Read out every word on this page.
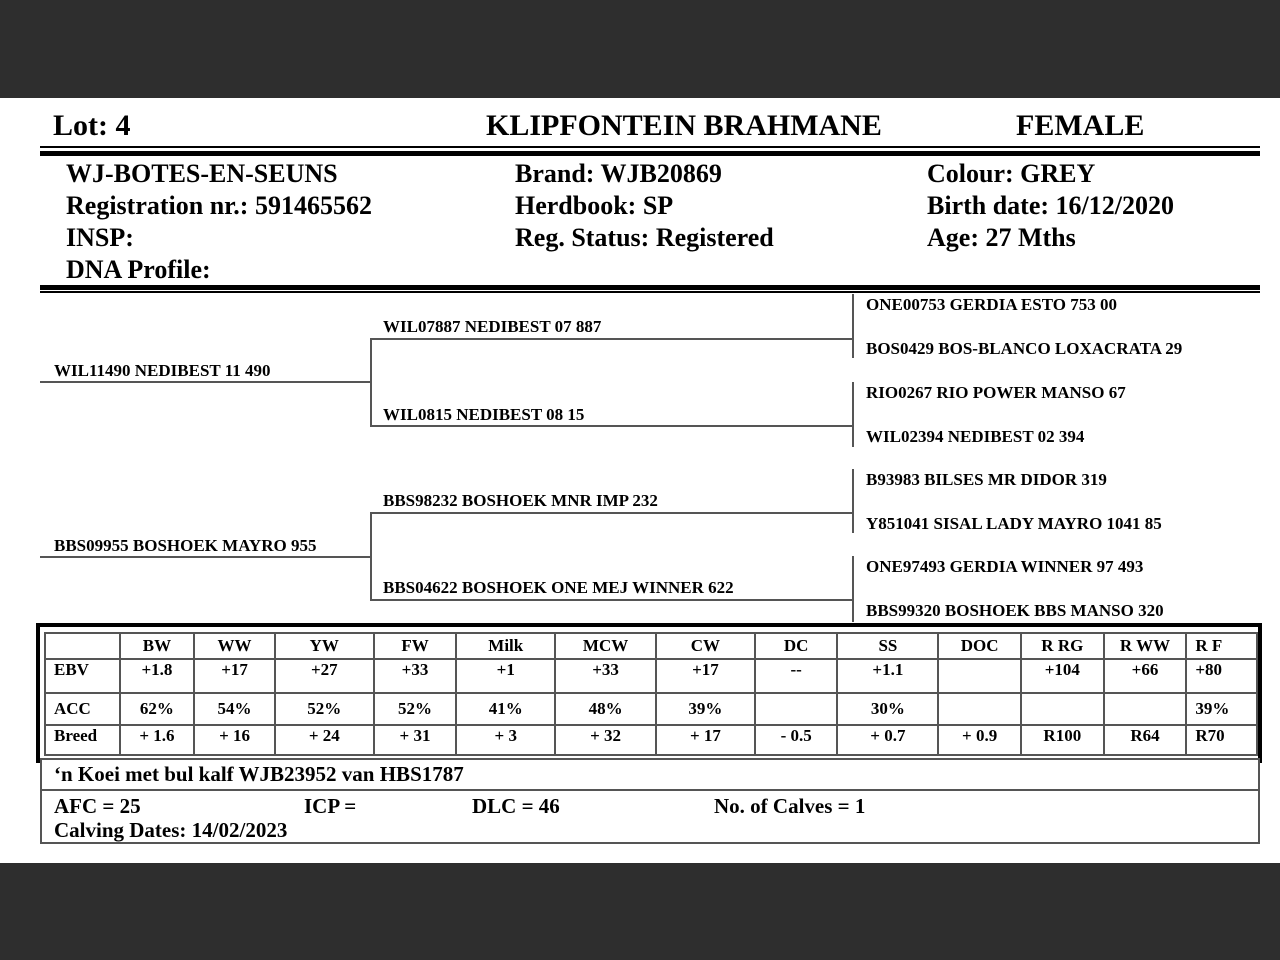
Lot: 4	KLIPFONTEIN BRAHMANE	FEMALE
WJ-BOTES-EN-SEUNS
Registration nr.: 591465562
INSP:
DNA Profile:
Brand: WJB20869
Herdbook: SP
Reg. Status: Registered
Colour: GREY
Birth date: 16/12/2020
Age: 27 Mths
WIL11490 NEDIBEST 11 490
BBS09955 BOSHOEK MAYRO 955
WIL07887 NEDIBEST 07 887
WIL0815 NEDIBEST 08 15
BBS98232 BOSHOEK MNR IMP 232
BBS04622 BOSHOEK ONE MEJ WINNER 622
ONE00753 GERDIA ESTO 753 00
BOS0429 BOS-BLANCO LOXACRATA 29
RIO0267 RIO POWER MANSO 67
WIL02394 NEDIBEST 02 394
B93983 BILSES MR DIDOR 319
Y851041 SISAL LADY MAYRO 1041 85
ONE97493 GERDIA WINNER 97 493
BBS99320 BOSHOEK BBS MANSO 320
	BW	WW	YW	FW	Milk	MCW	CW	DC	SS	DOC	R RG	R WW	R F
EBV	+1.8	+17	+27	+33	+1	+33	+17	--	+1.1		+104	+66	+80
ACC	62%	54%	52%	52%	41%	48%	39%		30%				39%
Breed	+ 1.6	+ 16	+ 24	+ 31	+ 3	+ 32	+ 17	- 0.5	+ 0.7	+ 0.9	R100	R64	R70
‘n Koei met bul kalf WJB23952 van HBS1787
AFC = 25	ICP =	DLC = 46	No. of Calves = 1
Calving Dates: 14/02/2023
